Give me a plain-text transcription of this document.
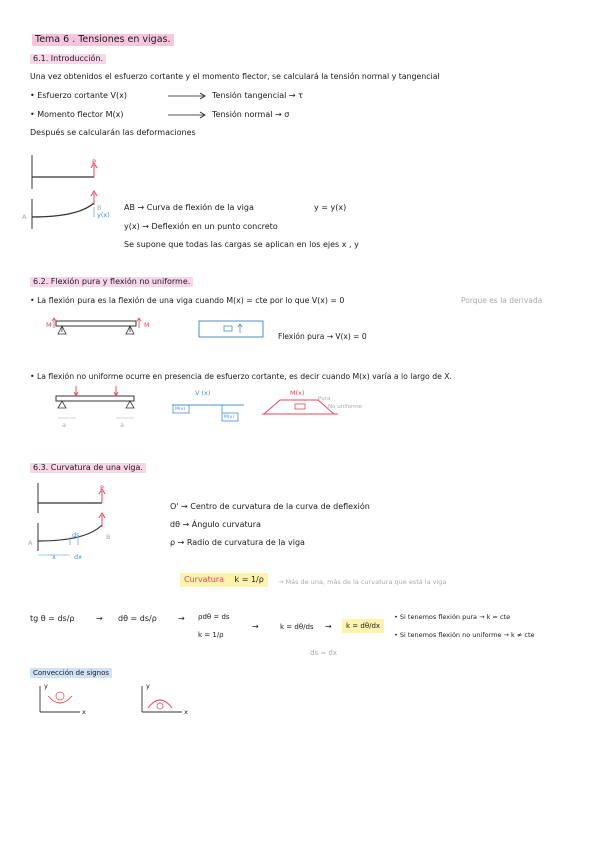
Tema 6 . Tensiones en vigas.
6.1. Introducción.
Una vez obtenidos el esfuerzo cortante y el momento flector, se calculará la tensión normal y tangencial
• Esfuerzo cortante V(x)	Tensión tangencial → τ
• Momento flector M(x)	Tensión normal → σ
Después se calcularán las deformaciones
P
A
B
y(x)
AB → Curva de flexión de la viga	y = y(x)
y(x) → Deflexión en un punto concreto
Se supone que todas las cargas se aplican en los ejes x , y
6.2. Flexión pura y flexión no uniforme.
• La flexión pura es la flexión de una viga cuando M(x) = cte por lo que V(x) = 0	Porque es la derivada
M	M
Flexión pura → V(x) = 0
• La flexión no uniforme ocurre en presencia de esfuerzo cortante, es decir cuando M(x) varía a lo largo de X.
a	a
V (x)
M(x)
M(x)
M(x)
Pura
No uniforme
6.3. Curvatura de una viga.
P
A
B
ds
x	dx
O' → Centro de curvatura de la curva de deflexión
dθ → Ángulo curvatura
ρ → Radio de curvatura de la viga
Curvatura k = 1/ρ	→ Más de una, más de la curvatura que está la viga
tg θ = ds/ρ	→ dθ = ds/ρ	→ ρdθ = ds
k = 1/ρ
→	k = dθ/ds →	k = dθ/dx
ds ≈ dx
• Si tenemos flexión pura → k = cte
• Si tenemos flexión no uniforme → k ≠ cte
Convección de signos
y
x
y
x
